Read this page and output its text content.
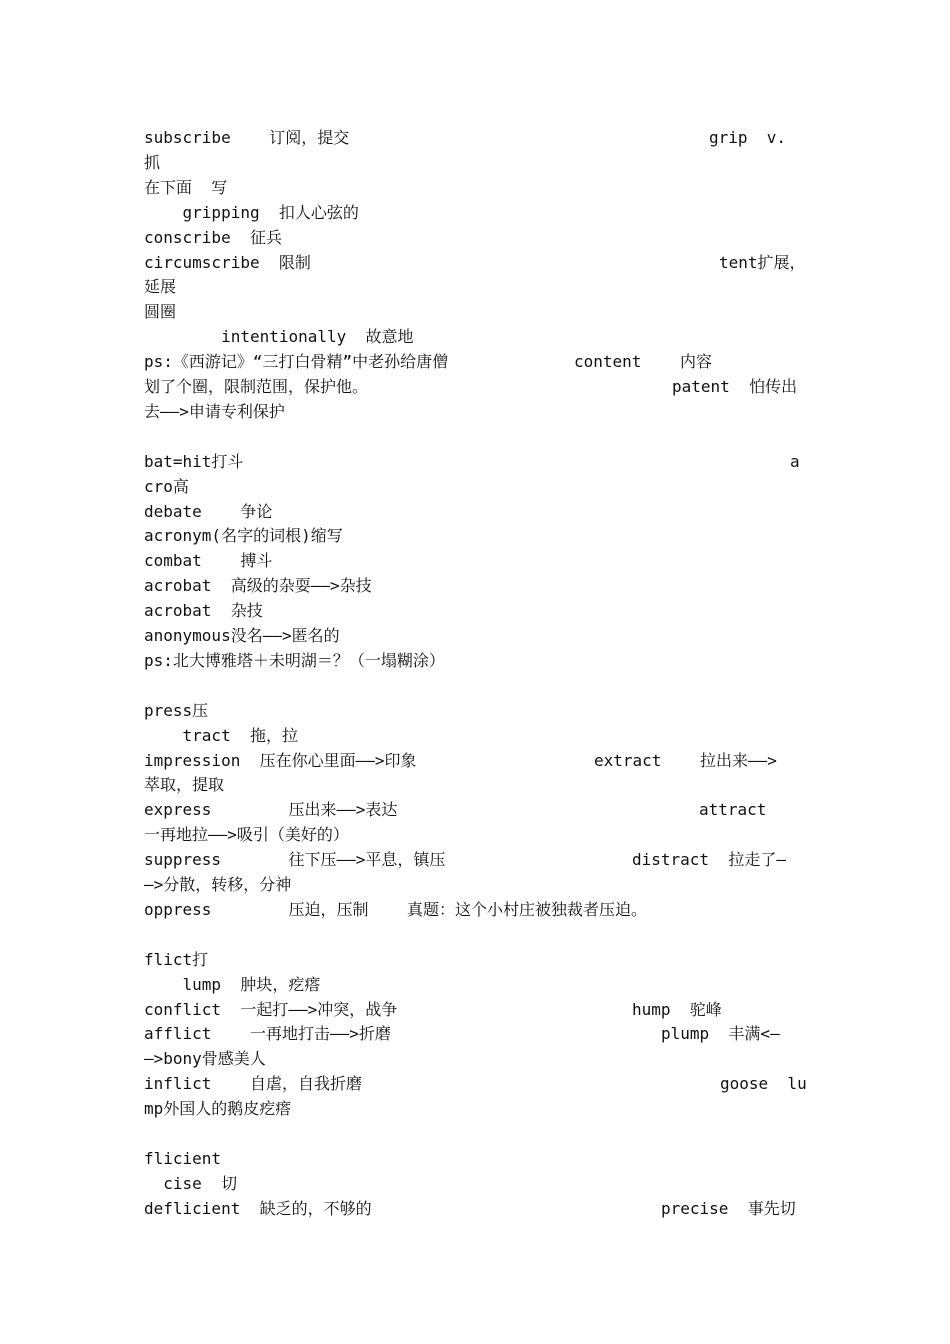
subscribe    订阅，提交	grip  v.
抓
在下面  写
gripping  扣人心弦的
conscribe  征兵
circumscribe  限制	tent扩展，
延展
圆圈
intentionally  故意地
ps:《西游记》“三打白骨精”中老孙给唐僧	content    内容
划了个圈，限制范围，保护他。	patent  怕传出
去——>申请专利保护
bat=hit打斗	a
cro高
debate    争论
acronym(名字的词根)缩写
combat    搏斗
acrobat  高级的杂耍——>杂技
acrobat  杂技
anonymous没名——>匿名的
ps:北大博雅塔＋未明湖＝？（一塌糊涂）
press压
tract  拖，拉
impression  压在你心里面——>印象	extract    拉出来——>
萃取，提取
express        压出来——>表达	attract
一再地拉——>吸引（美好的）
suppress       往下压——>平息，镇压	distract  拉走了—
—>分散，转移，分神
oppress        压迫，压制    真题：这个小村庄被独裁者压迫。
flict打
lump  肿块，疙瘩
conflict  一起打——>冲突，战争	hump  驼峰
afflict    一再地打击——>折磨	plump  丰满<—
—>bony骨感美人
inflict    自虐，自我折磨	goose  lu
mp外国人的鹅皮疙瘩
flicient
cise  切
deflicient  缺乏的，不够的	precise  事先切
